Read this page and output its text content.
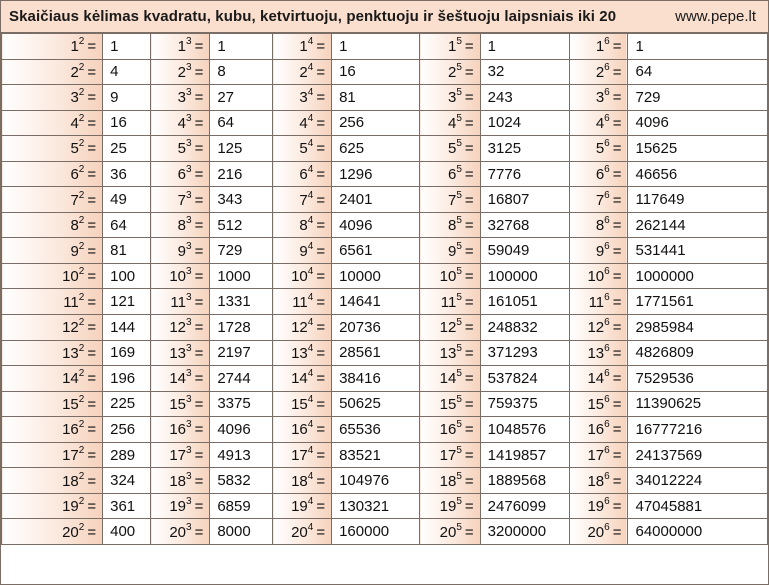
Skaičiaus kėlimas kvadratu, kubu, ketvirtuoju, penktuoju ir šeštuoju laipsniais iki 20	www.pepe.lt
$1^2$ =	1	$1^3$ =	1	$1^4$ =	1	$1^5$ =	1	$1^6$ =	1
$2^2$ =	4	$2^3$ =	8	$2^4$ =	16	$2^5$ =	32	$2^6$ =	64
$3^2$ =	9	$3^3$ =	27	$3^4$ =	81	$3^5$ =	243	$3^6$ =	729
$4^2$ =	16	$4^3$ =	64	$4^4$ =	256	$4^5$ =	1024	$4^6$ =	4096
$5^2$ =	25	$5^3$ =	125	$5^4$ =	625	$5^5$ =	3125	$5^6$ =	15625
$6^2$ =	36	$6^3$ =	216	$6^4$ =	1296	$6^5$ =	7776	$6^6$ =	46656
$7^2$ =	49	$7^3$ =	343	$7^4$ =	2401	$7^5$ =	16807	$7^6$ =	117649
$8^2$ =	64	$8^3$ =	512	$8^4$ =	4096	$8^5$ =	32768	$8^6$ =	262144
$9^2$ =	81	$9^3$ =	729	$9^4$ =	6561	$9^5$ =	59049	$9^6$ =	531441
$10^2$ =	100	$10^3$ =	1000	$10^4$ =	10000	$10^5$ =	100000	$10^6$ =	1000000
$11^2$ =	121	$11^3$ =	1331	$11^4$ =	14641	$11^5$ =	161051	$11^6$ =	1771561
$12^2$ =	144	$12^3$ =	1728	$12^4$ =	20736	$12^5$ =	248832	$12^6$ =	2985984
$13^2$ =	169	$13^3$ =	2197	$13^4$ =	28561	$13^5$ =	371293	$13^6$ =	4826809
$14^2$ =	196	$14^3$ =	2744	$14^4$ =	38416	$14^5$ =	537824	$14^6$ =	7529536
$15^2$ =	225	$15^3$ =	3375	$15^4$ =	50625	$15^5$ =	759375	$15^6$ =	11390625
$16^2$ =	256	$16^3$ =	4096	$16^4$ =	65536	$16^5$ =	1048576	$16^6$ =	16777216
$17^2$ =	289	$17^3$ =	4913	$17^4$ =	83521	$17^5$ =	1419857	$17^6$ =	24137569
$18^2$ =	324	$18^3$ =	5832	$18^4$ =	104976	$18^5$ =	1889568	$18^6$ =	34012224
$19^2$ =	361	$19^3$ =	6859	$19^4$ =	130321	$19^5$ =	2476099	$19^6$ =	47045881
$20^2$ =	400	$20^3$ =	8000	$20^4$ =	160000	$20^5$ =	3200000	$20^6$ =	64000000
